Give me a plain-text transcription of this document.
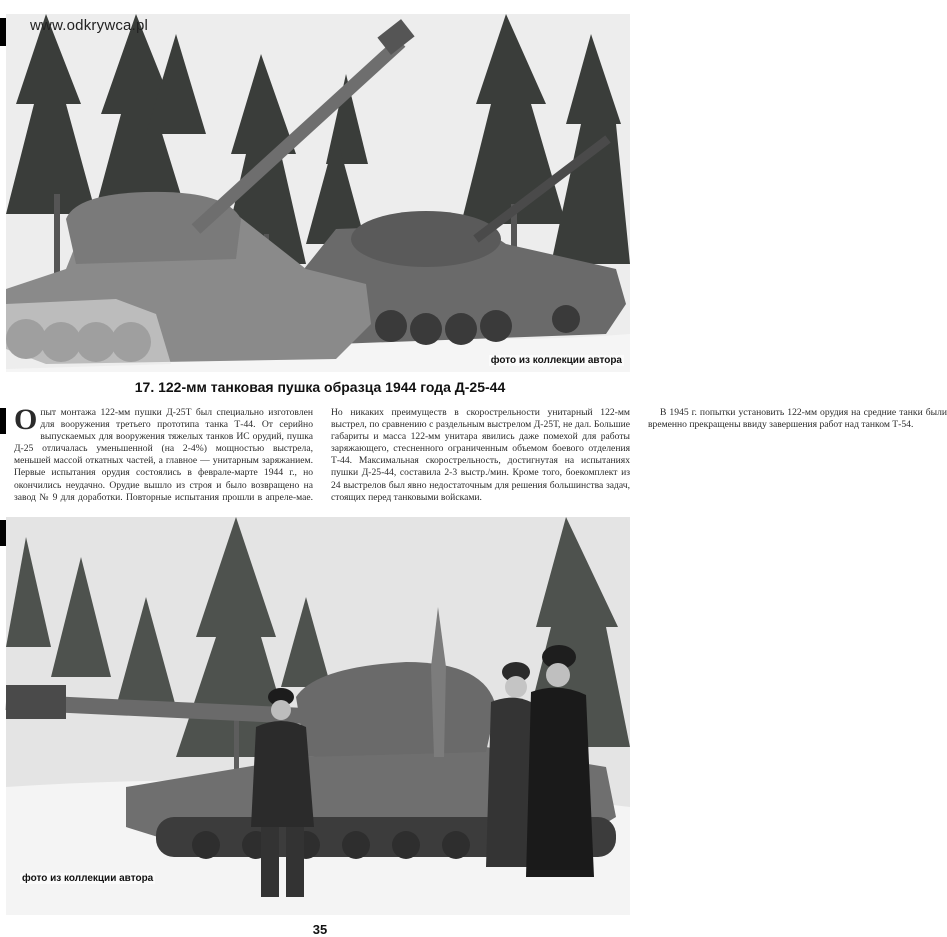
www.odkrywca.pl
фото из коллекции автора
17. 122-мм танковая пушка образца 1944 года Д-25-44

Опыт монтажа 122-мм пушки Д-25Т был специально изготовлен для вооружения третьего прототипа танка Т-44. От серийно выпускаемых для вооружения тяжелых танков ИС орудий, пушка Д-25 отличалась уменьшенной (на 2-4%) мощностью выстрела, меньшей массой откатных частей, а главное — унитарным заряжанием. Первые испытания орудия состоялись в феврале-марте 1944 г., но окончились неудачно. Орудие вышло из строя и было возвращено на завод № 9 для доработки. Повторные испытания прошли в апреле-мае. Но никаких преимуществ в скорострельности унитарный 122-мм выстрел, по сравнению с раздельным выстрелом Д-25Т, не дал. Большие габариты и масса 122-мм унитара явились даже помехой для работы заряжающего, стесненного ограниченным объемом боевого отделения Т-44. Максимальная скорострельность, достигнутая на испытаниях пушки Д-25-44, составила 2-3 выстр./мин. Кроме того, боекомплект из 24 выстрелов был явно недостаточным для решения большинства задач, стоящих перед танковыми войсками.

В 1945 г. попытки установить 122-мм орудия на средние танки были временно прекращены ввиду завершения работ над танком Т-54.

фото из коллекции автора
35
